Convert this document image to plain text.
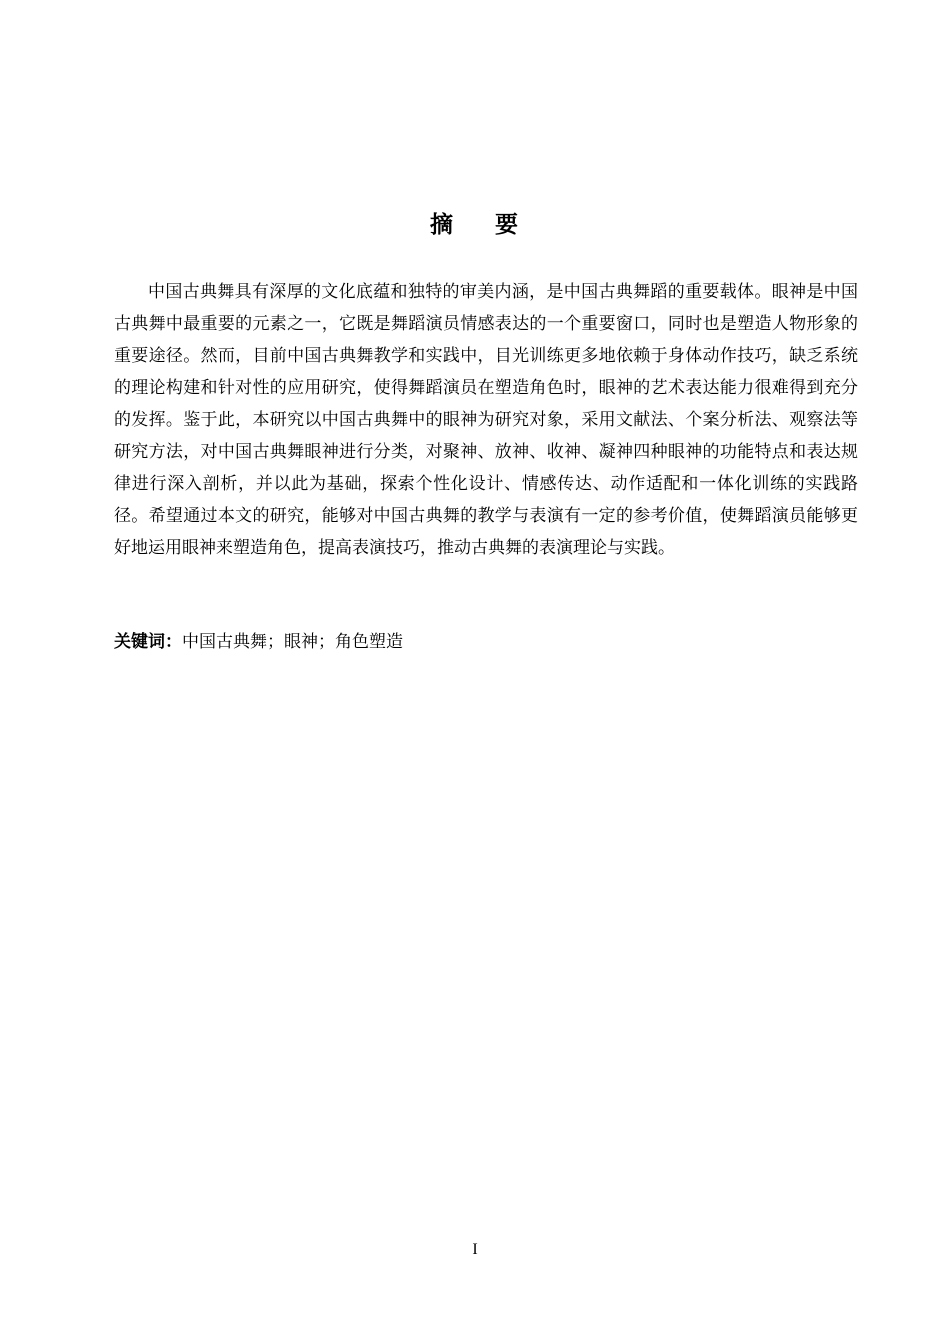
摘    要

中国古典舞具有深厚的文化底蕴和独特的审美内涵，是中国古典舞蹈的重要载体。眼神是中国古典舞中最重要的元素之一，它既是舞蹈演员情感表达的一个重要窗口，同时也是塑造人物形象的重要途径。然而，目前中国古典舞教学和实践中，目光训练更多地依赖于身体动作技巧，缺乏系统的理论构建和针对性的应用研究，使得舞蹈演员在塑造角色时，眼神的艺术表达能力很难得到充分的发挥。鉴于此，本研究以中国古典舞中的眼神为研究对象，采用文献法、个案分析法、观察法等研究方法，对中国古典舞眼神进行分类，对聚神、放神、收神、凝神四种眼神的功能特点和表达规律进行深入剖析，并以此为基础，探索个性化设计、情感传达、动作适配和一体化训练的实践路径。希望通过本文的研究，能够对中国古典舞的教学与表演有一定的参考价值，使舞蹈演员能够更好地运用眼神来塑造角色，提高表演技巧，推动古典舞的表演理论与实践。

关键词：中国古典舞；眼神；角色塑造
I
